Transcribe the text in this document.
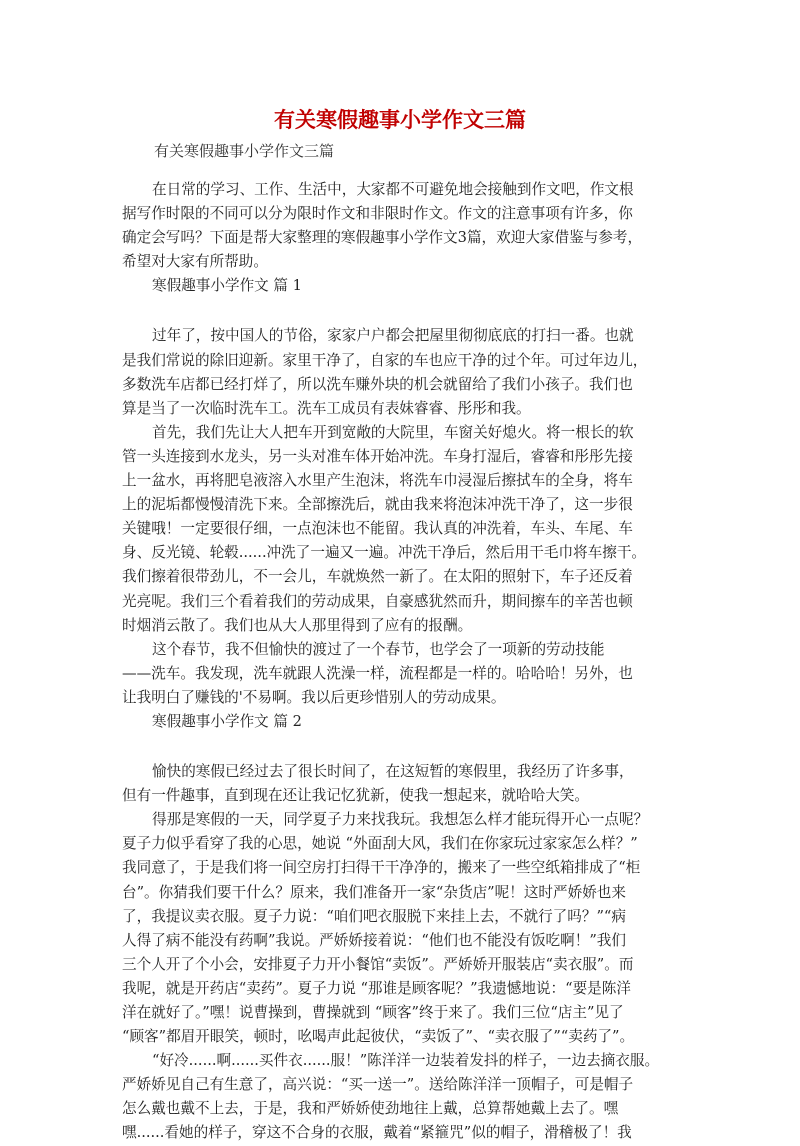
有关寒假趣事小学作文三篇
有关寒假趣事小学作文三篇
在日常的学习、工作、生活中，大家都不可避免地会接触到作文吧，作文根
据写作时限的不同可以分为限时作文和非限时作文。作文的注意事项有许多，你
确定会写吗？下面是帮大家整理的寒假趣事小学作文3篇，欢迎大家借鉴与参考，
希望对大家有所帮助。
寒假趣事小学作文 篇 1
过年了，按中国人的节俗，家家户户都会把屋里彻彻底底的打扫一番。也就
是我们常说的除旧迎新。家里干净了，自家的车也应干净的过个年。可过年边儿，
多数洗车店都已经打烊了，所以洗车赚外块的机会就留给了我们小孩子。我们也
算是当了一次临时洗车工。洗车工成员有表妹睿睿、彤彤和我。
首先，我们先让大人把车开到宽敞的大院里，车窗关好熄火。将一根长的软
管一头连接到水龙头，另一头对准车体开始冲洗。车身打湿后，睿睿和彤彤先接
上一盆水，再将肥皂液溶入水里产生泡沫，将洗车巾浸湿后擦拭车的全身，将车
上的泥垢都慢慢清洗下来。全部擦洗后，就由我来将泡沫冲洗干净了，这一步很
关键哦！一定要很仔细，一点泡沫也不能留。我认真的冲洗着，车头、车尾、车
身、反光镜、轮毂......冲洗了一遍又一遍。冲洗干净后，然后用干毛巾将车擦干。
我们擦着很带劲儿，不一会儿，车就焕然一新了。在太阳的照射下，车子还反着
光亮呢。我们三个看着我们的劳动成果，自豪感犹然而升，期间擦车的辛苦也顿
时烟消云散了。我们也从大人那里得到了应有的报酬。
这个春节，我不但愉快的渡过了一个春节，也学会了一项新的劳动技能
——洗车。我发现，洗车就跟人洗澡一样，流程都是一样的。哈哈哈！另外，也
让我明白了赚钱的'不易啊。我以后更珍惜别人的劳动成果。
寒假趣事小学作文 篇 2
愉快的寒假已经过去了很长时间了，在这短暂的寒假里，我经历了许多事，
但有一件趣事，直到现在还让我记忆犹新，使我一想起来，就哈哈大笑。
得那是寒假的一天，同学夏子力来找我玩。我想怎么样才能玩得开心一点呢？
夏子力似乎看穿了我的心思，她说 “外面刮大风，我们在你家玩过家家怎么样？”
我同意了，于是我们将一间空房打扫得干干净净的，搬来了一些空纸箱排成了“柜
台”。你猜我们要干什么？原来，我们准备开一家“杂货店”呢！这时严娇娇也来
了，我提议卖衣服。夏子力说：“咱们吧衣服脱下来挂上去，不就行了吗？”“病
人得了病不能没有药啊”我说。严娇娇接着说：“他们也不能没有饭吃啊！”我们
三个人开了个小会，安排夏子力开小餐馆“卖饭”。严娇娇开服装店“卖衣服”。而
我呢，就是开药店“卖药”。夏子力说 “那谁是顾客呢？”我遗憾地说：“要是陈洋
洋在就好了。”嘿！说曹操到，曹操就到 “顾客”终于来了。我们三位“店主”见了
“顾客”都眉开眼笑，顿时，吆喝声此起彼伏，“卖饭了”、“卖衣服了”“卖药了”。
“好冷......啊......买件衣......服！”陈洋洋一边装着发抖的样子，一边去摘衣服。
严娇娇见自己有生意了，高兴说：“买一送一”。送给陈洋洋一顶帽子，可是帽子
怎么戴也戴不上去，于是，我和严娇娇使劲地往上戴，总算帮她戴上去了。嘿
嘿......看她的样子，穿这不合身的衣服，戴着“紧箍咒”似的帽子，滑稽极了！我
